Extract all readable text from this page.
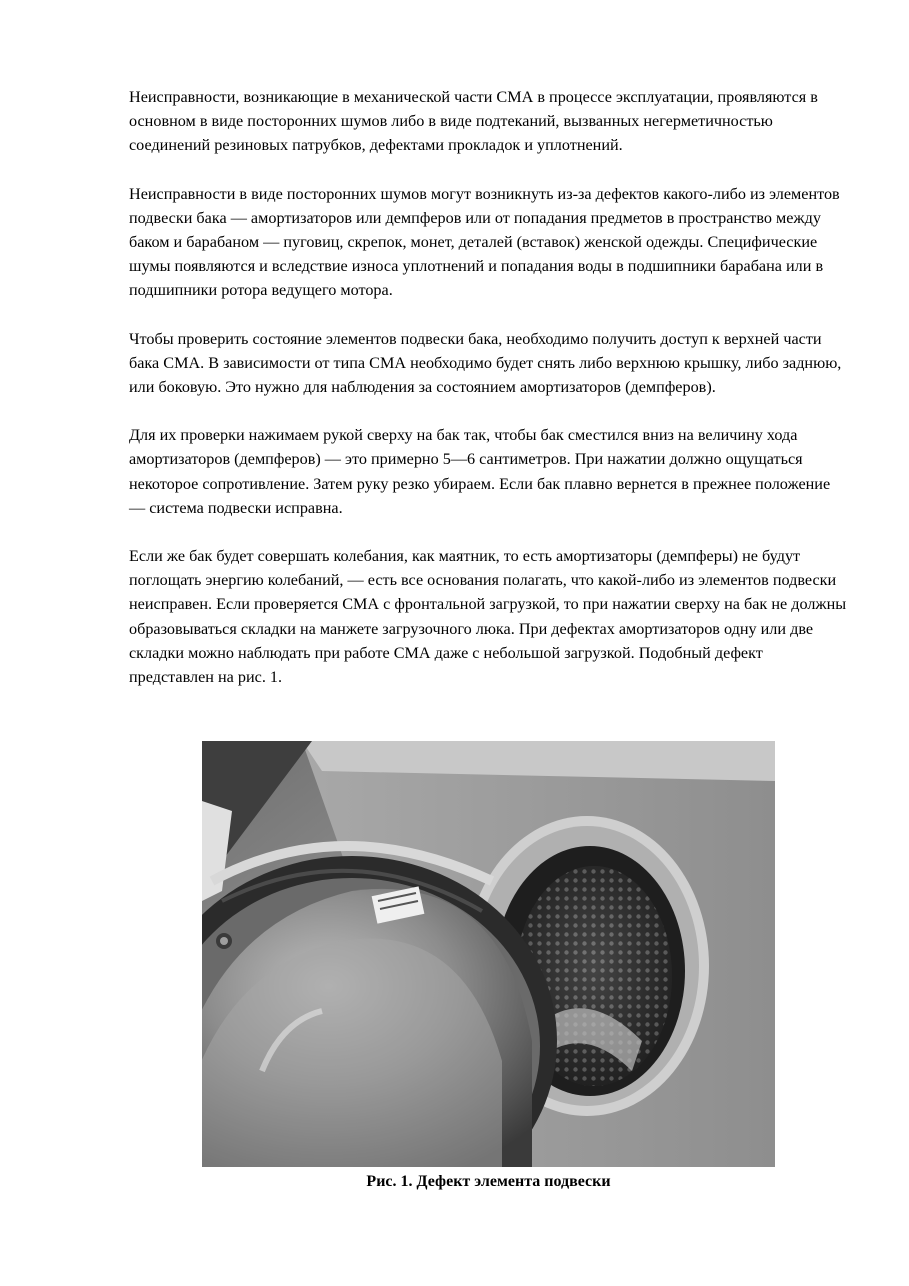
Неисправности, возникающие в механической части СМА в процессе эксплуатации, проявляются в основном в виде посторонних шумов либо в виде подтеканий, вызванных негерметичностью соединений резиновых патрубков, дефектами прокладок и уплотнений.

Неисправности в виде посторонних шумов могут возникнуть из-за дефектов какого-либо из элементов подвески бака — амортизаторов или демпферов или от попадания предметов в пространство между баком и барабаном — пуговиц, скрепок, монет, деталей (вставок) женской одежды. Специфические шумы появляются и вследствие износа уплотнений и попадания воды в подшипники барабана или в подшипники ротора ведущего мотора.

Чтобы проверить состояние элементов подвески бака, необходимо получить доступ к верхней части бака СМА. В зависимости от типа СМА необходимо будет снять либо верхнюю крышку, либо заднюю, или боковую. Это нужно для наблюдения за состоянием амортизаторов (демпферов).

Для их проверки нажимаем рукой сверху на бак так, чтобы бак сместился вниз на величину хода амортизаторов (демпферов) — это примерно 5—6 сантиметров. При нажатии должно ощущаться некоторое сопротивление. Затем руку резко убираем. Если бак плавно вернется в прежнее положение — система подвески исправна.

Если же бак будет совершать колебания, как маятник, то есть амортизаторы (демпферы) не будут поглощать энергию колебаний, — есть все основания полагать, что какой-либо из элементов подвески неисправен. Если проверяется СМА с фронтальной загрузкой, то при нажатии сверху на бак не должны образовываться складки на манжете загрузочного люка. При дефектах амортизаторов одну или две складки можно наблюдать при работе СМА даже с небольшой загрузкой. Подобный дефект представлен на рис. 1.

Рис. 1. Дефект элемента подвески
